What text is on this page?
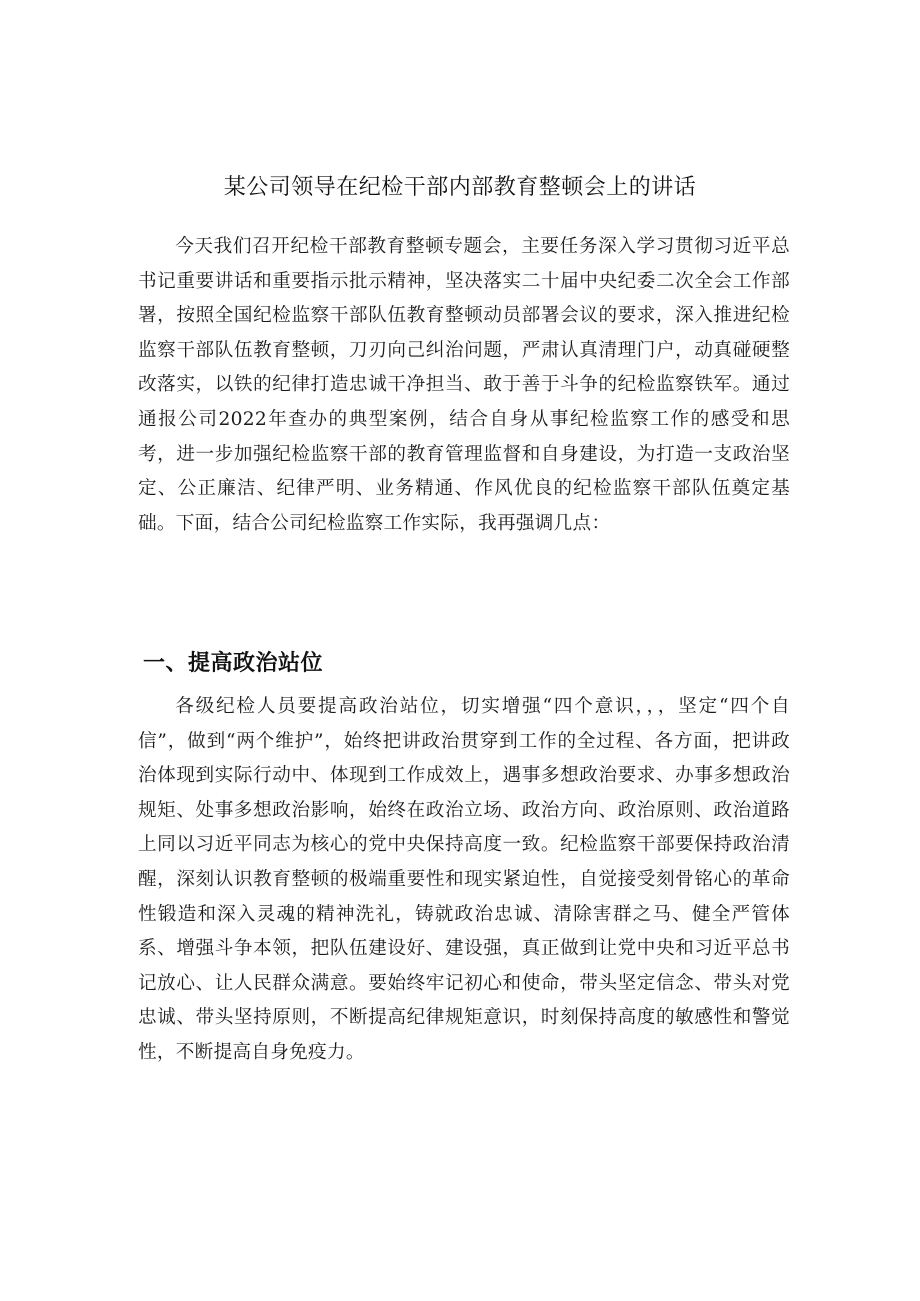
某公司领导在纪检干部内部教育整顿会上的讲话

今天我们召开纪检干部教育整顿专题会，主要任务深入学习贯彻习近平总书记重要讲话和重要指示批示精神，坚决落实二十届中央纪委二次全会工作部署，按照全国纪检监察干部队伍教育整顿动员部署会议的要求，深入推进纪检监察干部队伍教育整顿，刀刃向己纠治问题，严肃认真清理门户，动真碰硬整改落实，以铁的纪律打造忠诚干净担当、敢于善于斗争的纪检监察铁军。通过通报公司2022年查办的典型案例，结合自身从事纪检监察工作的感受和思考，进一步加强纪检监察干部的教育管理监督和自身建设，为打造一支政治坚定、公正廉洁、纪律严明、业务精通、作风优良的纪检监察干部队伍奠定基础。下面，结合公司纪检监察工作实际，我再强调几点：

一、提高政治站位

各级纪检人员要提高政治站位，切实增强“四个意识，，，坚定“四个自信”，做到“两个维护”，始终把讲政治贯穿到工作的全过程、各方面，把讲政治体现到实际行动中、体现到工作成效上，遇事多想政治要求、办事多想政治规矩、处事多想政治影响，始终在政治立场、政治方向、政治原则、政治道路上同以习近平同志为核心的党中央保持高度一致。纪检监察干部要保持政治清醒，深刻认识教育整顿的极端重要性和现实紧迫性，自觉接受刻骨铭心的革命性锻造和深入灵魂的精神洗礼，铸就政治忠诚、清除害群之马、健全严管体系、增强斗争本领，把队伍建设好、建设强，真正做到让党中央和习近平总书记放心、让人民群众满意。要始终牢记初心和使命，带头坚定信念、带头对党忠诚、带头坚持原则，不断提高纪律规矩意识，时刻保持高度的敏感性和警觉性，不断提高自身免疫力。
